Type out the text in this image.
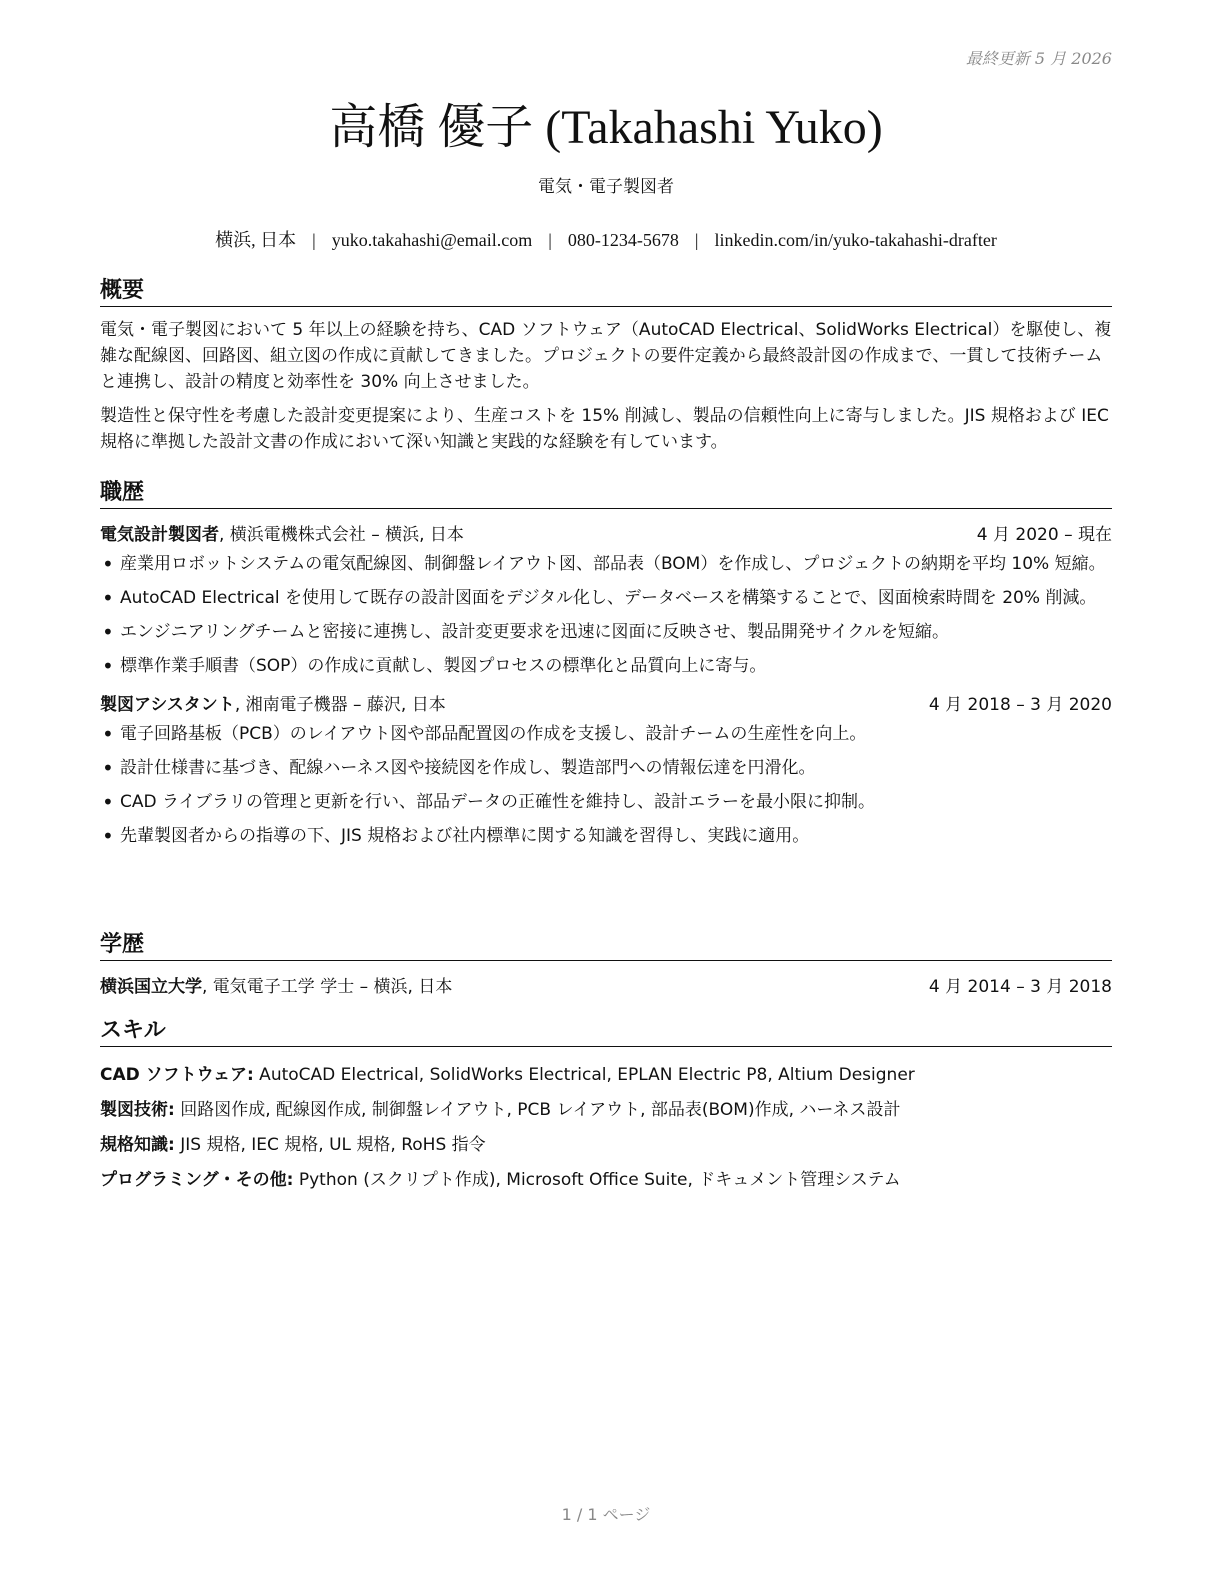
最終更新 5 月 2026
高橋 優子 (Takahashi Yuko)
電気・電子製図者
横浜, 日本 | yuko.takahashi@email.com | 080-1234-5678 | linkedin.com/in/yuko-takahashi-drafter
概要

電気・電子製図において 5 年以上の経験を持ち、CAD ソフトウェア（AutoCAD Electrical、SolidWorks Electrical）を駆使し、複雑な配線図、回路図、組立図の作成に貢献してきました。プロジェクトの要件定義から最終設計図の作成まで、一貫して技術チームと連携し、設計の精度と効率性を 30% 向上させました。

製造性と保守性を考慮した設計変更提案により、生産コストを 15% 削減し、製品の信頼性向上に寄与しました。JIS 規格および IEC 規格に準拠した設計文書の作成において深い知識と実践的な経験を有しています。

職歴
電気設計製図者, 横浜電機株式会社 – 横浜, 日本	4 月 2020 – 現在
• 産業用ロボットシステムの電気配線図、制御盤レイアウト図、部品表（BOM）を作成し、プロジェクトの納期を平均 10% 短縮。
• AutoCAD Electrical を使用して既存の設計図面をデジタル化し、データベースを構築することで、図面検索時間を 20% 削減。
• エンジニアリングチームと密接に連携し、設計変更要求を迅速に図面に反映させ、製品開発サイクルを短縮。
• 標準作業手順書（SOP）の作成に貢献し、製図プロセスの標準化と品質向上に寄与。
製図アシスタント, 湘南電子機器 – 藤沢, 日本	4 月 2018 – 3 月 2020
• 電子回路基板（PCB）のレイアウト図や部品配置図の作成を支援し、設計チームの生産性を向上。
• 設計仕様書に基づき、配線ハーネス図や接続図を作成し、製造部門への情報伝達を円滑化。
• CAD ライブラリの管理と更新を行い、部品データの正確性を維持し、設計エラーを最小限に抑制。
• 先輩製図者からの指導の下、JIS 規格および社内標準に関する知識を習得し、実践に適用。
学歴
横浜国立大学, 電気電子工学 学士 – 横浜, 日本	4 月 2014 – 3 月 2018
スキル
CAD ソフトウェア: AutoCAD Electrical, SolidWorks Electrical, EPLAN Electric P8, Altium Designer
製図技術: 回路図作成, 配線図作成, 制御盤レイアウト, PCB レイアウト, 部品表(BOM)作成, ハーネス設計
規格知識: JIS 規格, IEC 規格, UL 規格, RoHS 指令
プログラミング・その他: Python (スクリプト作成), Microsoft Office Suite, ドキュメント管理システム
1 / 1 ページ
